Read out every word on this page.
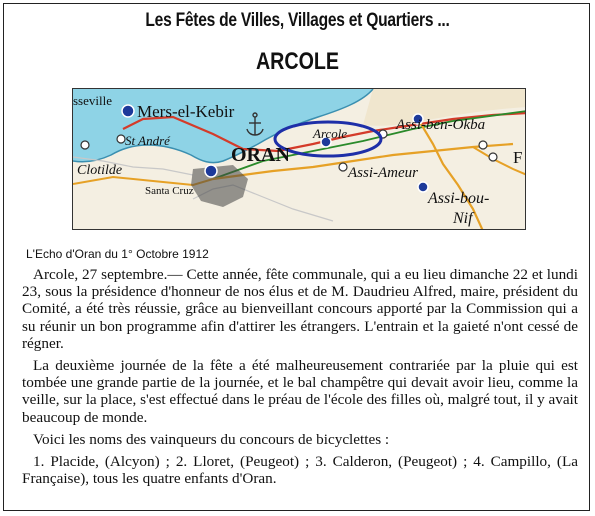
Les Fêtes de Villes, Villages et Quartiers ...
ARCOLE
sseville
Mers-el-Kebir
St André
Clotilde
Santa Cruz
ORAN
Arcole
Assi-ben-Okba
Assi-Ameur
Assi-bou-
Nif
F
L'Echo d'Oran du 1° Octobre 1912

Arcole, 27 septembre.— Cette année, fête communale, qui a eu lieu dimanche 22 et lundi 23, sous la présidence d'honneur de nos élus et de M. Daudrieu Alfred, maire, président du Comité, a été très réussie, grâce au bienveillant concours apporté par la Commission qui a su réunir un bon programme afin d'attirer les étrangers. L'entrain et la gaieté n'ont cessé de régner.

La deuxième journée de la fête a été malheureusement contrariée par la pluie qui est tombée une grande partie de la journée, et le bal champêtre qui devait avoir lieu, comme la veille, sur la place, s'est effectué dans le préau de l'école des filles où, malgré tout, il y avait beaucoup de monde.

Voici les noms des vainqueurs du concours de bicyclettes :

1. Placide, (Alcyon) ; 2. Lloret, (Peugeot) ; 3. Calderon, (Peugeot) ; 4. Campillo, (La Française), tous les quatre enfants d'Oran.
